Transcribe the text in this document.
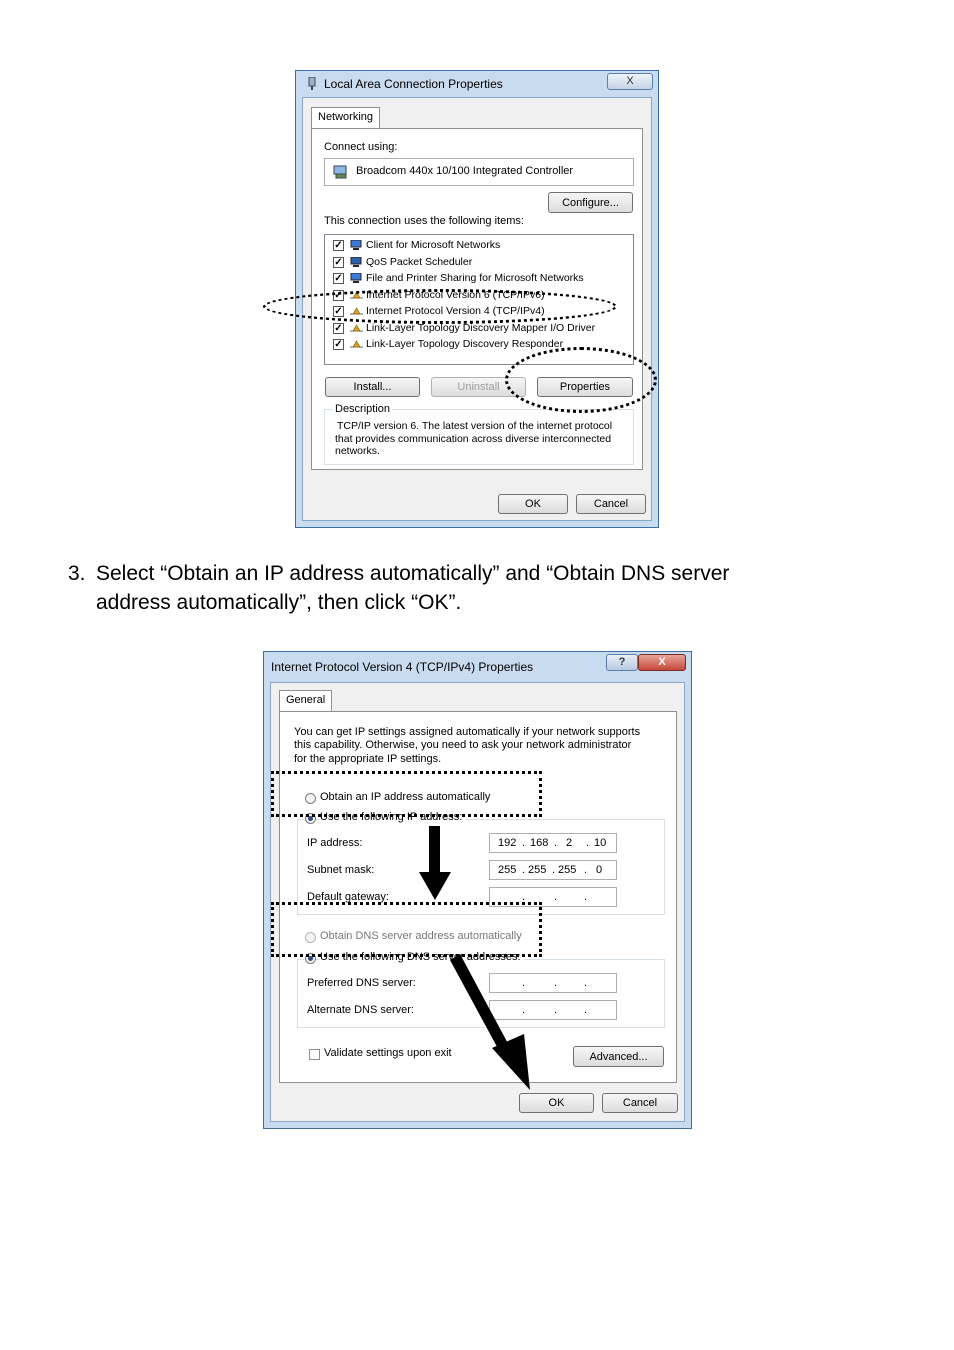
Local Area Connection Properties	X
Networking
Connect using:
Broadcom 440x 10/100 Integrated Controller
Configure...
This connection uses the following items:
✓ Client for Microsoft Networks
✓ QoS Packet Scheduler
✓ File and Printer Sharing for Microsoft Networks
✓ Internet Protocol Version 6 (TCP/IPv6)
✓ Internet Protocol Version 4 (TCP/IPv4)
✓ Link-Layer Topology Discovery Mapper I/O Driver
✓ Link-Layer Topology Discovery Responder
Install...	Uninstall	Properties
Description
TCP/IP version 6. The latest version of the internet protocol
that provides communication across diverse interconnected
networks.
OK	Cancel
3. Select “Obtain an IP address automatically” and “Obtain DNS server
address automatically”, then click “OK”.
Internet Protocol Version 4 (TCP/IPv4) Properties	?	X
General
You can get IP settings assigned automatically if your network supports
this capability. Otherwise, you need to ask your network administrator
for the appropriate IP settings.
Obtain an IP address automatically
Use the following IP address:
IP address:	192 . 168 . 2 . 10
Subnet mask:	255 . 255 . 255 . 0
Default gateway:	.	. .
Obtain DNS server address automatically
Use the following DNS server addresses:
Preferred DNS server:	.	. .
Alternate DNS server:	.	. .
Validate settings upon exit	Advanced...
OK	Cancel
